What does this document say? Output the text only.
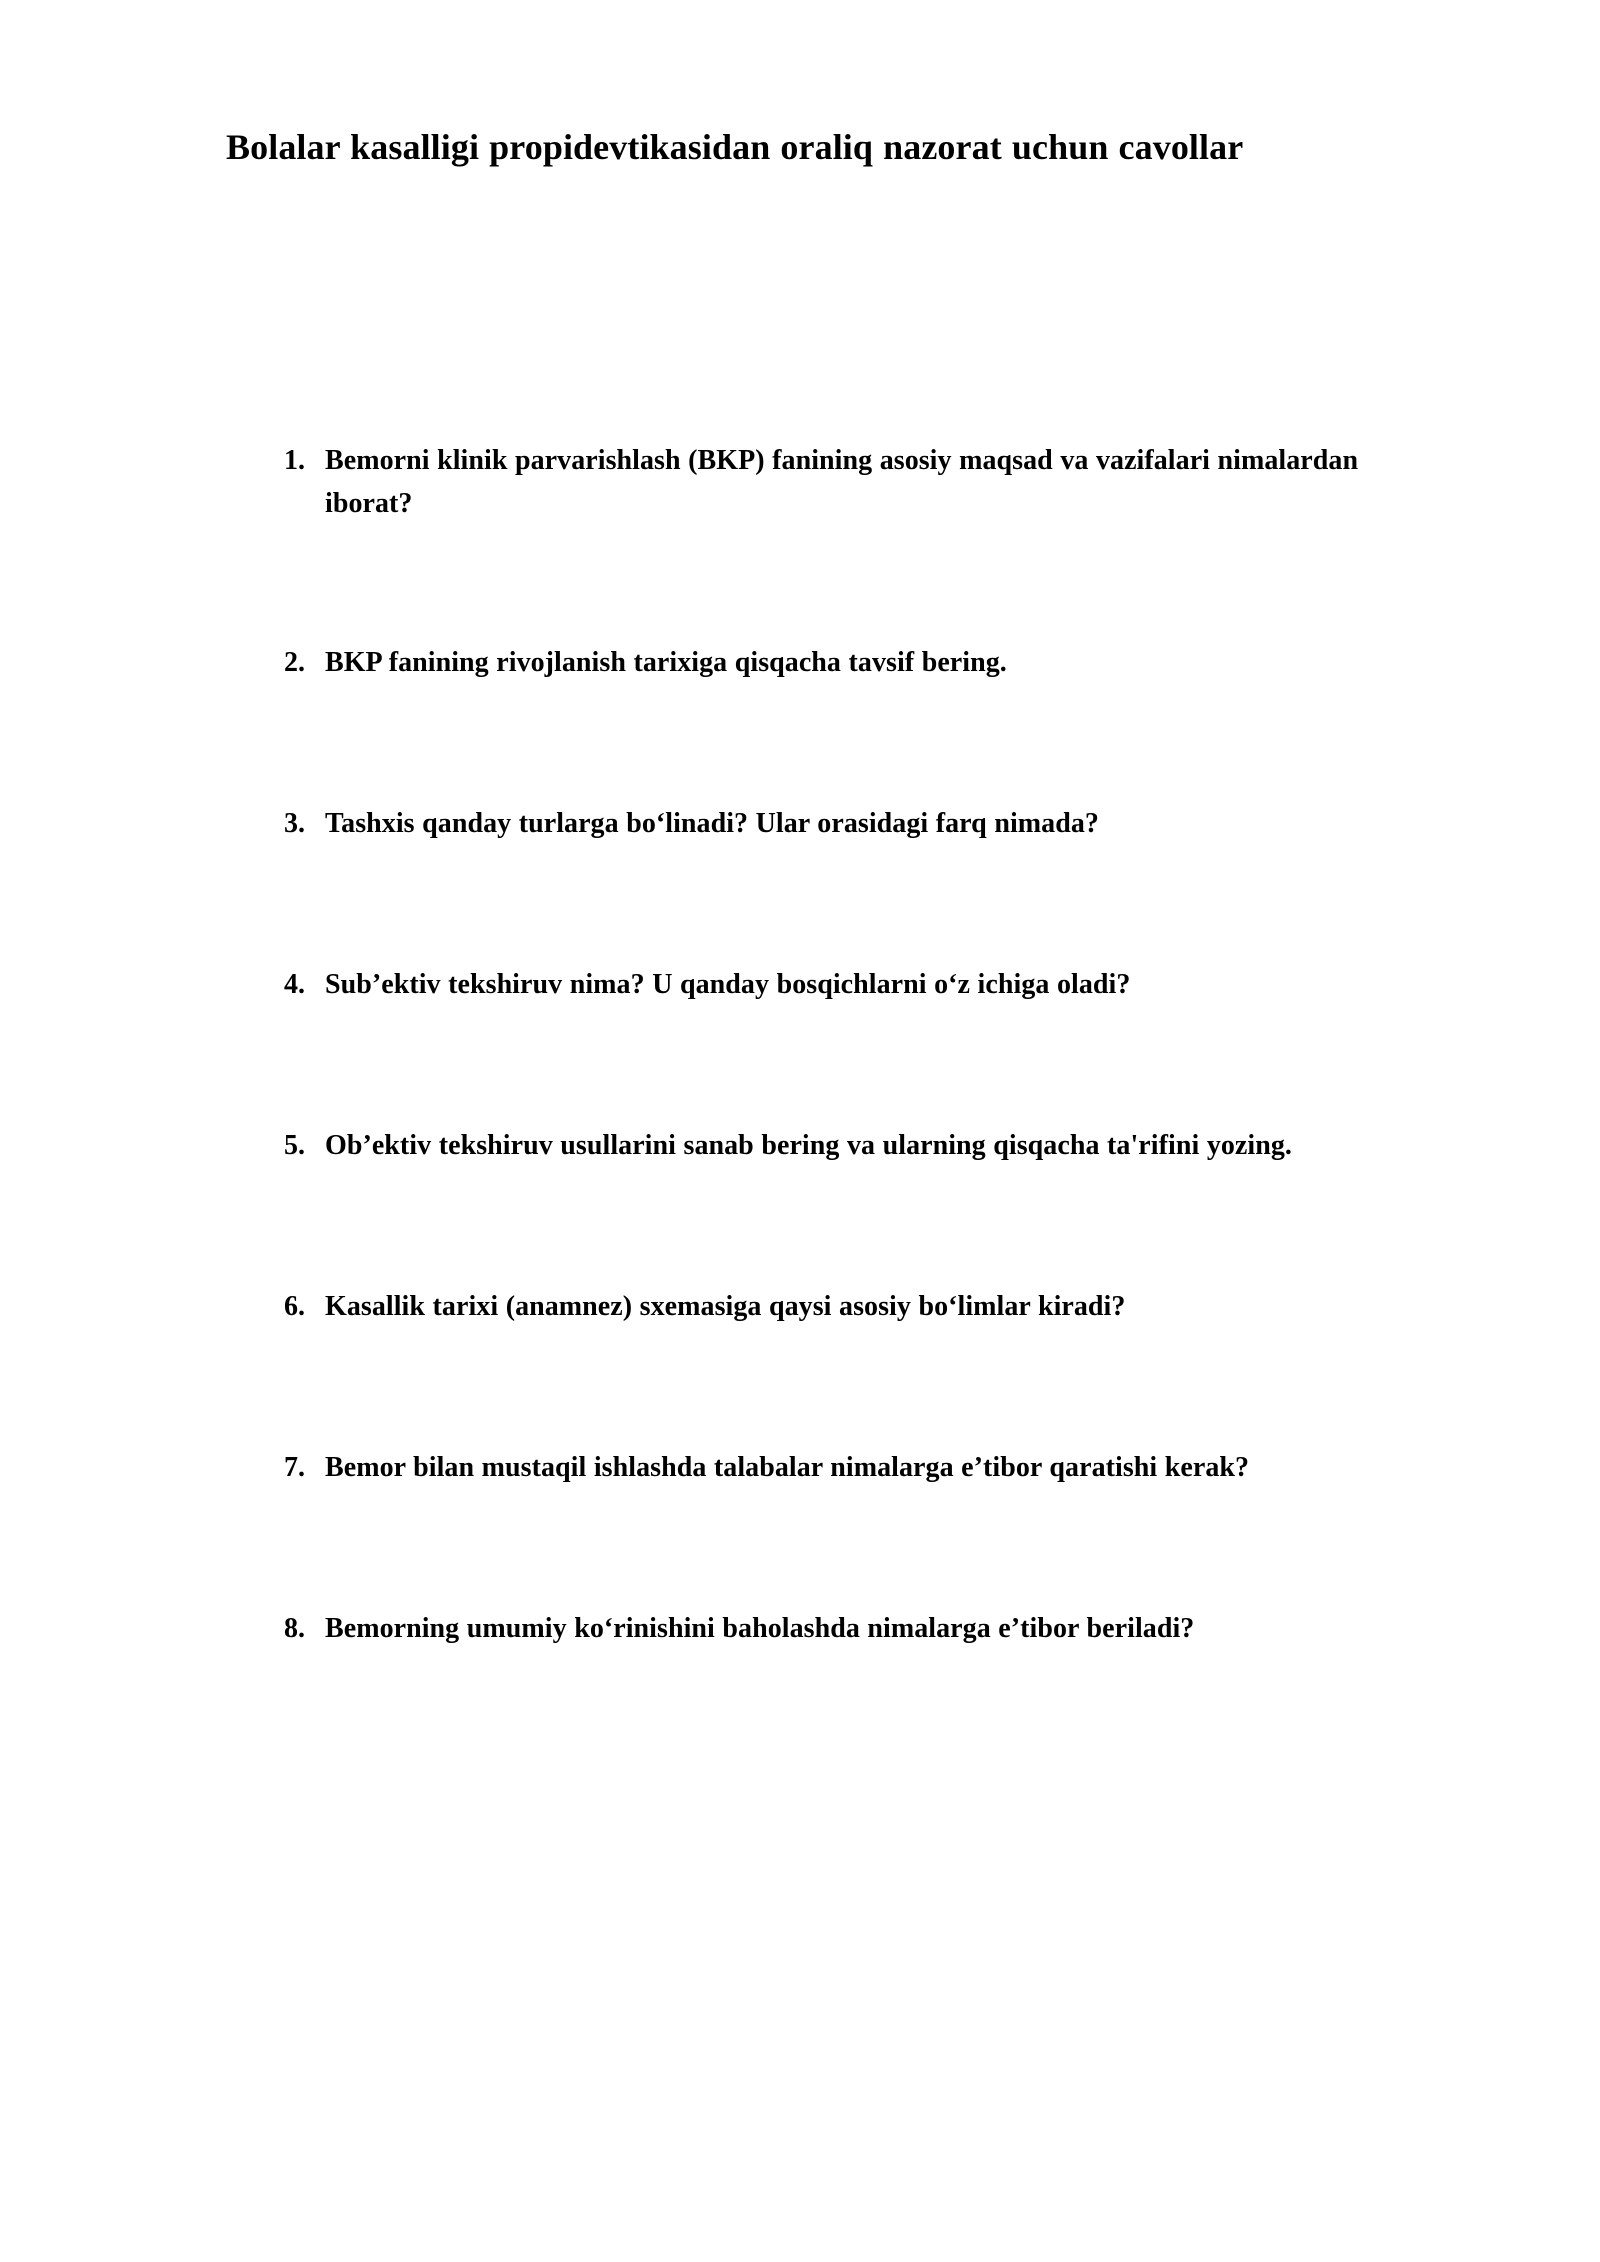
Bolalar kasalligi propidevtikasidan oraliq nazorat uchun cavollar
1. Bemorni klinik parvarishlash (BKP) fanining asosiy maqsad va vazifalari nimalardan iborat?
2. BKP fanining rivojlanish tarixiga qisqacha tavsif bering.
3. Tashxis qanday turlarga bo‘linadi? Ular orasidagi farq nimada?
4. Sub’ektiv tekshiruv nima? U qanday bosqichlarni o‘z ichiga oladi?
5. Ob’ektiv tekshiruv usullarini sanab bering va ularning qisqacha ta'rifini yozing.
6. Kasallik tarixi (anamnez) sxemasiga qaysi asosiy bo‘limlar kiradi?
7. Bemor bilan mustaqil ishlashda talabalar nimalarga e’tibor qaratishi kerak?
8. Bemorning umumiy ko‘rinishini baholashda nimalarga e’tibor beriladi?
